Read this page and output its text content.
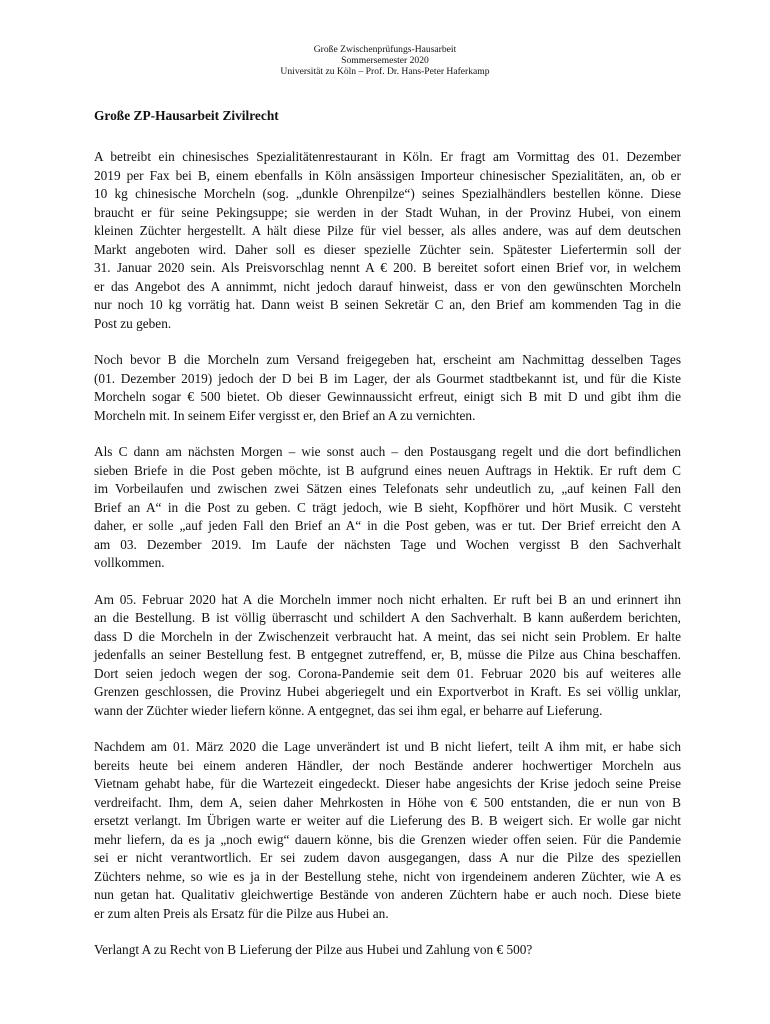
Große Zwischenprüfungs-Hausarbeit
Sommersemester 2020
Universität zu Köln – Prof. Dr. Hans-Peter Haferkamp
Große ZP-Hausarbeit Zivilrecht
A betreibt ein chinesisches Spezialitätenrestaurant in Köln. Er fragt am Vormittag des 01. Dezember
2019 per Fax bei B, einem ebenfalls in Köln ansässigen Importeur chinesischer Spezialitäten, an, ob er
10 kg chinesische Morcheln (sog. „dunkle Ohrenpilze“) seines Spezialhändlers bestellen könne. Diese
braucht er für seine Pekingsuppe; sie werden in der Stadt Wuhan, in der Provinz Hubei, von einem
kleinen Züchter hergestellt. A hält diese Pilze für viel besser, als alles andere, was auf dem deutschen
Markt angeboten wird. Daher soll es dieser spezielle Züchter sein. Spätester Liefertermin soll der
31. Januar 2020 sein. Als Preisvorschlag nennt A € 200. B bereitet sofort einen Brief vor, in welchem
er das Angebot des A annimmt, nicht jedoch darauf hinweist, dass er von den gewünschten Morcheln
nur noch 10 kg vorrätig hat. Dann weist B seinen Sekretär C an, den Brief am kommenden Tag in die
Post zu geben.
Noch bevor B die Morcheln zum Versand freigegeben hat, erscheint am Nachmittag desselben Tages
(01. Dezember 2019) jedoch der D bei B im Lager, der als Gourmet stadtbekannt ist, und für die Kiste
Morcheln sogar € 500 bietet. Ob dieser Gewinnaussicht erfreut, einigt sich B mit D und gibt ihm die
Morcheln mit. In seinem Eifer vergisst er, den Brief an A zu vernichten.
Als C dann am nächsten Morgen – wie sonst auch – den Postausgang regelt und die dort befindlichen
sieben Briefe in die Post geben möchte, ist B aufgrund eines neuen Auftrags in Hektik. Er ruft dem C
im Vorbeilaufen und zwischen zwei Sätzen eines Telefonats sehr undeutlich zu, „auf keinen Fall den
Brief an A“ in die Post zu geben. C trägt jedoch, wie B sieht, Kopfhörer und hört Musik. C versteht
daher, er solle „auf jeden Fall den Brief an A“ in die Post geben, was er tut. Der Brief erreicht den A
am 03. Dezember 2019. Im Laufe der nächsten Tage und Wochen vergisst B den Sachverhalt
vollkommen.
Am 05. Februar 2020 hat A die Morcheln immer noch nicht erhalten. Er ruft bei B an und erinnert ihn
an die Bestellung. B ist völlig überrascht und schildert A den Sachverhalt. B kann außerdem berichten,
dass D die Morcheln in der Zwischenzeit verbraucht hat. A meint, das sei nicht sein Problem. Er halte
jedenfalls an seiner Bestellung fest. B entgegnet zutreffend, er, B, müsse die Pilze aus China beschaffen.
Dort seien jedoch wegen der sog. Corona-Pandemie seit dem 01. Februar 2020 bis auf weiteres alle
Grenzen geschlossen, die Provinz Hubei abgeriegelt und ein Exportverbot in Kraft. Es sei völlig unklar,
wann der Züchter wieder liefern könne. A entgegnet, das sei ihm egal, er beharre auf Lieferung.
Nachdem am 01. März 2020 die Lage unverändert ist und B nicht liefert, teilt A ihm mit, er habe sich
bereits heute bei einem anderen Händler, der noch Bestände anderer hochwertiger Morcheln aus
Vietnam gehabt habe, für die Wartezeit eingedeckt. Dieser habe angesichts der Krise jedoch seine Preise
verdreifacht. Ihm, dem A, seien daher Mehrkosten in Höhe von € 500 entstanden, die er nun von B
ersetzt verlangt. Im Übrigen warte er weiter auf die Lieferung des B. B weigert sich. Er wolle gar nicht
mehr liefern, da es ja „noch ewig“ dauern könne, bis die Grenzen wieder offen seien. Für die Pandemie
sei er nicht verantwortlich. Er sei zudem davon ausgegangen, dass A nur die Pilze des speziellen
Züchters nehme, so wie es ja in der Bestellung stehe, nicht von irgendeinem anderen Züchter, wie A es
nun getan hat. Qualitativ gleichwertige Bestände von anderen Züchtern habe er auch noch. Diese biete
er zum alten Preis als Ersatz für die Pilze aus Hubei an.
Verlangt A zu Recht von B Lieferung der Pilze aus Hubei und Zahlung von € 500?
